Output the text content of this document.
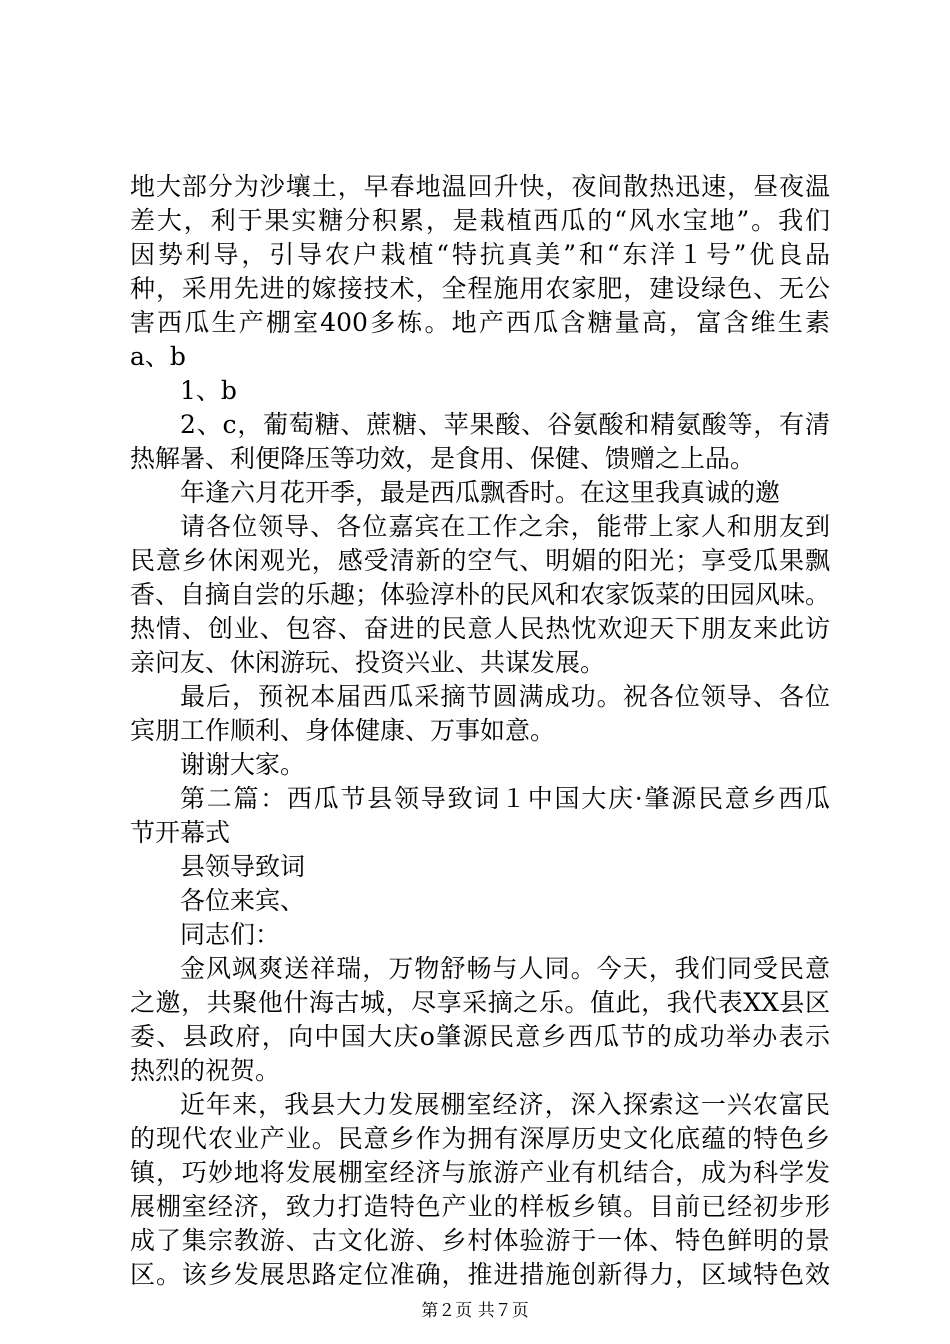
地大部分为沙壤土，早春地温回升快，夜间散热迅速，昼夜温
差大，利于果实糖分积累，是栽植西瓜的“风水宝地”。我们
因势利导，引导农户栽植“特抗真美”和“东洋１号”优良品
种，采用先进的嫁接技术，全程施用农家肥，建设绿色、无公
害西瓜生产棚室400多栋。地产西瓜含糖量高，富含维生素
a、b
1、b
2、c，葡萄糖、蔗糖、苹果酸、谷氨酸和精氨酸等，有清
热解暑、利便降压等功效，是食用、保健、馈赠之上品。
年逢六月花开季，最是西瓜飘香时。在这里我真诚的邀
请各位领导、各位嘉宾在工作之余，能带上家人和朋友到
民意乡休闲观光，感受清新的空气、明媚的阳光；享受瓜果飘
香、自摘自尝的乐趣；体验淳朴的民风和农家饭菜的田园风味。
热情、创业、包容、奋进的民意人民热忱欢迎天下朋友来此访
亲问友、休闲游玩、投资兴业、共谋发展。
最后，预祝本届西瓜采摘节圆满成功。祝各位领导、各位
宾朋工作顺利、身体健康、万事如意。
谢谢大家。
第二篇：西瓜节县领导致词１中国大庆·肇源民意乡西瓜
节开幕式
县领导致词
各位来宾、
同志们：
金风飒爽送祥瑞，万物舒畅与人同。今天，我们同受民意
之邀，共聚他什海古城，尽享采摘之乐。值此，我代表XX县区
委、县政府，向中国大庆o肇源民意乡西瓜节的成功举办表示
热烈的祝贺。
近年来，我县大力发展棚室经济，深入探索这一兴农富民
的现代农业产业。民意乡作为拥有深厚历史文化底蕴的特色乡
镇，巧妙地将发展棚室经济与旅游产业有机结合，成为科学发
展棚室经济，致力打造特色产业的样板乡镇。目前已经初步形
成了集宗教游、古文化游、乡村体验游于一体、特色鲜明的景
区。该乡发展思路定位准确，推进措施创新得力，区域特色效
第２页 共７页
